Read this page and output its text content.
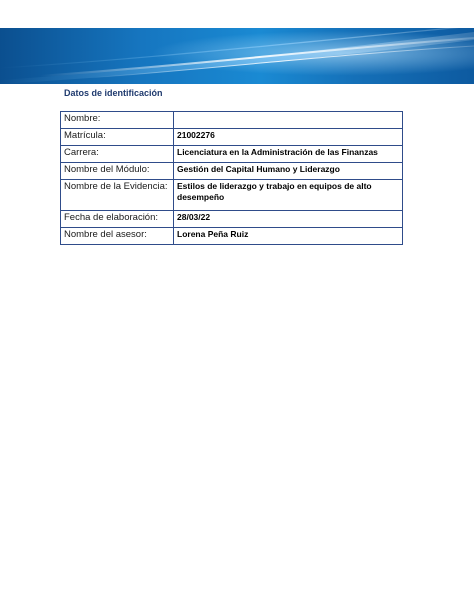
Datos de identificación
Nombre:	
Matrícula:	21002276
Carrera:	Licenciatura en la Administración de las Finanzas
Nombre del Módulo:	Gestión del Capital Humano y Liderazgo
Nombre de la Evidencia:	Estilos de liderazgo y trabajo en equipos de alto desempeño
Fecha de elaboración:	28/03/22
Nombre del asesor:	Lorena Peña Ruiz
